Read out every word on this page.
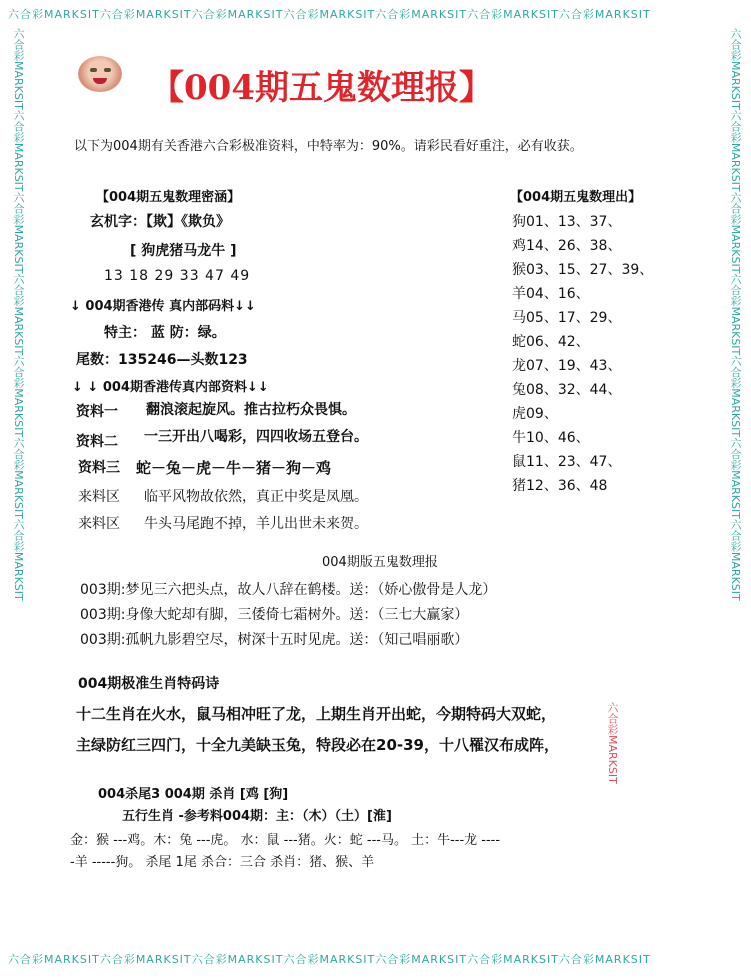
六合彩MARKSIT六合彩MARKSIT六合彩MARKSIT六合彩MARKSIT六合彩MARKSIT六合彩MARKSIT六合彩MARKSIT
六合彩MARKSIT六合彩MARKSIT六合彩MARKSIT六合彩MARKSIT六合彩MARKSIT六合彩MARKSIT六合彩MARKSIT
六合彩MARKSIT六合彩MARKSIT六合彩MARKSIT六合彩MARKSIT六合彩MARKSIT六合彩MARKSIT六合彩MARKSIT	六合彩MARKSIT六合彩MARKSIT六合彩MARKSIT六合彩MARKSIT六合彩MARKSIT六合彩MARKSIT六合彩MARKSIT
【004期五鬼数理报】
以下为004期有关香港六合彩极准资料，中特率为：90%。请彩民看好重注，必有收获。
【004期五鬼数理密涵】
玄机字：【欺】《欺负》
[ 狗虎猪马龙牛 ]
13 18 29 33 47 49
↓ 004期香港传 真内部码料↓↓
特主： 蓝 防：绿。
尾数：135246—头数123
↓ ↓ 004期香港传真内部资料↓↓
资料一 翻浪滚起旋风。推古拉朽众畏惧。
资料二 一三开出八喝彩，四四收场五登台。
资料三 蛇－兔－虎－牛－猪－狗－鸡
来料区 临平风物故依然，真正中奖是凤凰。
来料区 牛头马尾跑不掉，羊儿出世未来贺。
【004期五鬼数理出】
狗01、13、37、
鸡14、26、38、
猴03、15、27、39、
羊04、16、
马05、17、29、
蛇06、42、
龙07、19、43、
兔08、32、44、
虎09、
牛10、46、
鼠11、23、47、
猪12、36、48
004期版五鬼数理报
003期:梦见三六把头点，故人八辞在鹤楼。送：（娇心傲骨是人龙）
003期:身像大蛇却有脚，三倭倚七霜树外。送：（三七大赢家）
003期:孤帆九影碧空尽，树深十五时见虎。送：（知己唱丽歌）
004期极准生肖特码诗
十二生肖在火水，鼠马相冲旺了龙，上期生肖开出蛇，今期特码大双蛇，
主绿防红三四门，十全九美缺玉兔，特段必在20-39，十八罹汉布成阵，	六合彩MARKSIT
004杀尾3 004期 杀肖 [鸡 [狗]
五行生肖 -参考料004期：主：（木）（土）[淮]
金：猴 ---鸡。木：兔 ---虎。 水：鼠 ---猪。火：蛇 ---马。 土：牛---龙 ----
-羊 -----狗。 杀尾 1尾 杀合：三合 杀肖：猪、猴、羊
